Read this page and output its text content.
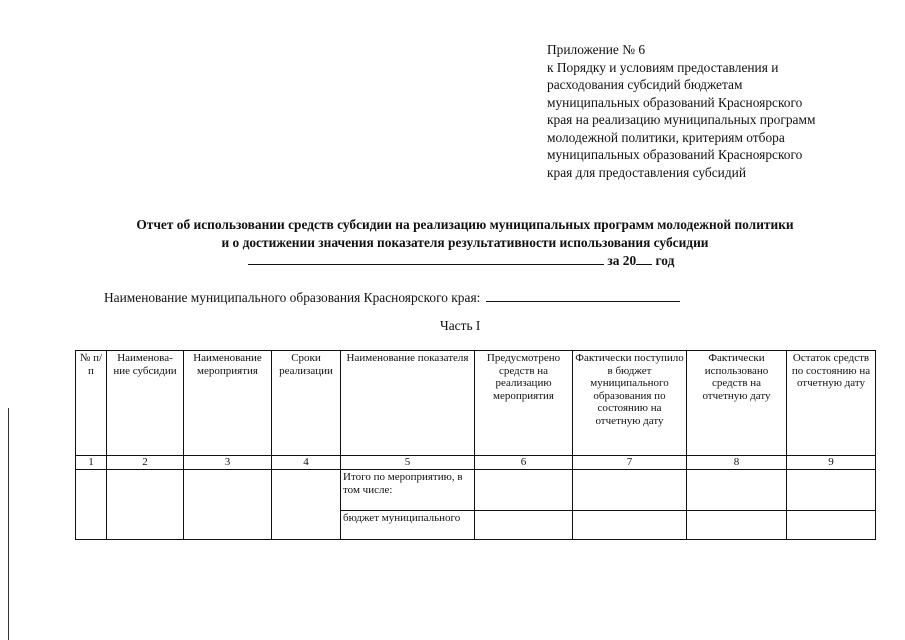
Приложение № 6
к Порядку и условиям предоставления и
расходования субсидий бюджетам
муниципальных образований Красноярского
края на реализацию муниципальных программ
молодежной политики, критериям отбора
муниципальных образований Красноярского
края для предоставления субсидий
Отчет об использовании средств субсидии на реализацию муниципальных программ молодежной политики
и о достижении значения показателя результативности использования субсидии
за 20 год
Наименование муниципального образования Красноярского края:
Часть I
№ п/п	Наименова- ние субсидии	Наименование мероприятия	Сроки реализации	Наименование показателя	Предусмотрено средств на реализацию мероприятия	Фактически поступило в бюджет муниципального образования по состоянию на отчетную дату	Фактически использовано средств на отчетную дату	Остаток средств по состоянию на отчетную дату
1	2	3	4	5	6	7	8	9
				Итого по мероприятию, в том числе:				
				бюджет муниципального				
